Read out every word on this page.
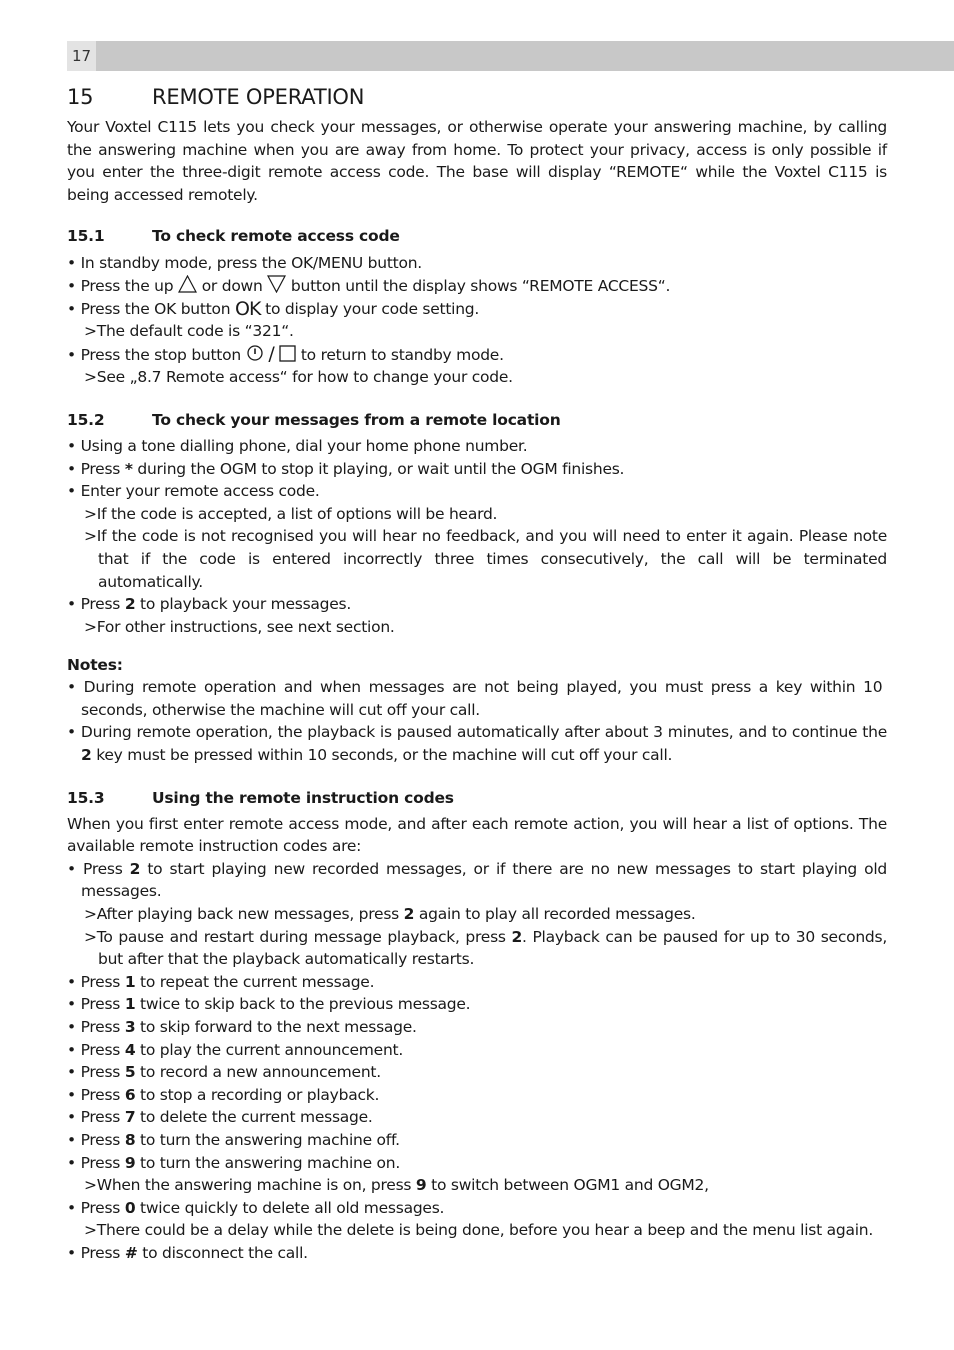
17
15	REMOTE OPERATION

Your Voxtel C115 lets you check your messages, or otherwise operate your answering machine, by calling the answering machine when you are away from home. To protect your privacy, access is only possible if you enter the three-digit remote access code. The base will display “REMOTE“ while the Voxtel C115 is being accessed remotely.

15.1	To check remote access code
• In standby mode, press the OK/MENU button.
• Press the up  or down  button until the display shows “REMOTE ACCESS“.
• Press the OK button OK to display your code setting.
>The default code is “321“.
• Press the stop button  /  to return to standby mode.
>See „8.7 Remote access“ for how to change your code.
15.2	To check your messages from a remote location
• Using a tone dialling phone, dial your home phone number.
• Press * during the OGM to stop it playing, or wait until the OGM finishes.
• Enter your remote access code.
>If the code is accepted, a list of options will be heard.
>If the code is not recognised you will hear no feedback, and you will need to enter it again. Please note that if the code is entered incorrectly three times consecutively, the call will be terminated automatically.
• Press 2 to playback your messages.
>For other instructions, see next section.
Notes:
• During remote operation and when messages are not being played, you must press a key within 10  seconds, otherwise the machine will cut off your call.
• During remote operation, the playback is paused automatically after about 3 minutes, and to continue the 2 key must be pressed within 10 seconds, or the machine will cut off your call.
15.3	Using the remote instruction codes

When you first enter remote access mode, and after each remote action, you will hear a list of options. The available remote instruction codes are:

• Press 2 to start playing new recorded messages, or if there are no new messages to start playing old messages.
>After playing back new messages, press 2 again to play all recorded messages.
>To pause and restart during message playback, press 2. Playback can be paused for up to 30 seconds, but after that the playback automatically restarts.
• Press 1 to repeat the current message.
• Press 1 twice to skip back to the previous message.
• Press 3 to skip forward to the next message.
• Press 4 to play the current announcement.
• Press 5 to record a new announcement.
• Press 6 to stop a recording or playback.
• Press 7 to delete the current message.
• Press 8 to turn the answering machine off.
• Press 9 to turn the answering machine on.
>When the answering machine is on, press 9 to switch between OGM1 and OGM2,
• Press 0 twice quickly to delete all old messages.
>There could be a delay while the delete is being done, before you hear a beep and the menu list again.
• Press # to disconnect the call.
